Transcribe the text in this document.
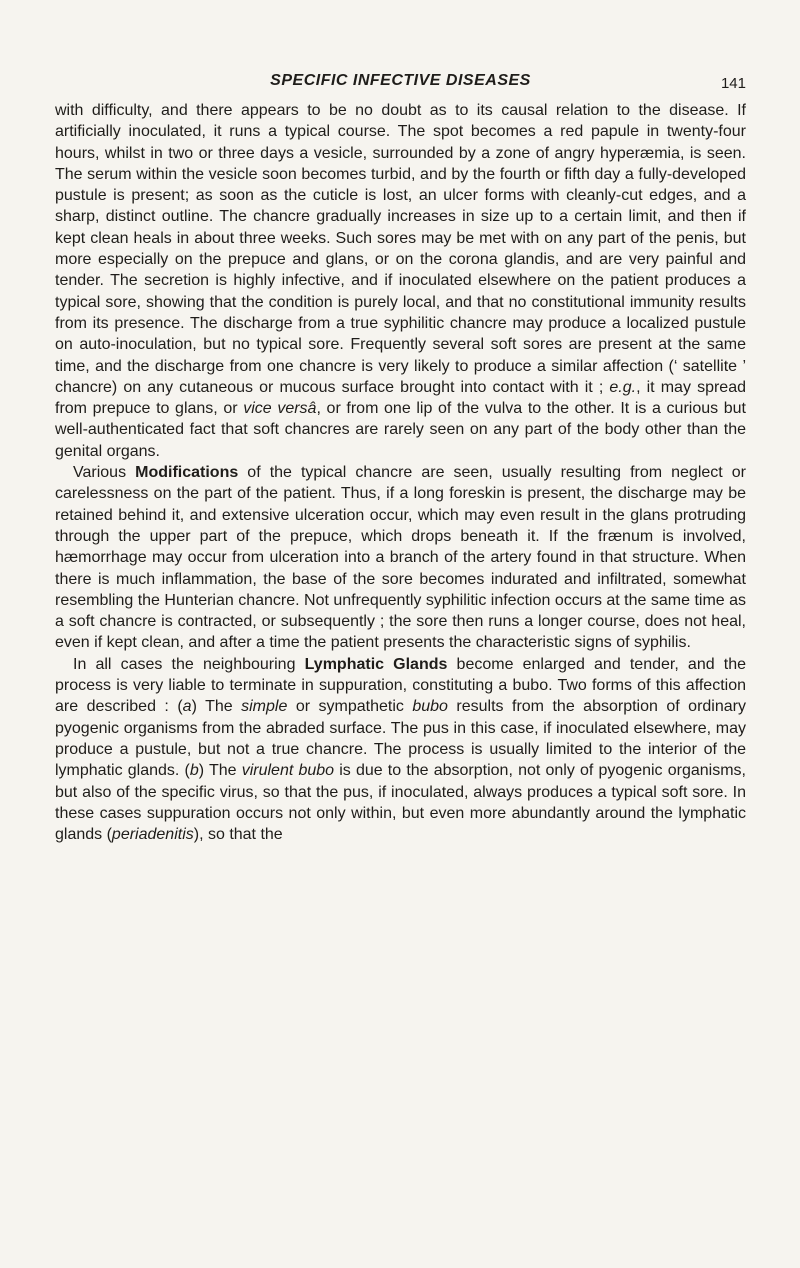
SPECIFIC INFECTIVE DISEASES	141

with difficulty, and there appears to be no doubt as to its causal relation to the disease. If artificially inoculated, it runs a typical course. The spot becomes a red papule in twenty-four hours, whilst in two or three days a vesicle, surrounded by a zone of angry hyperæmia, is seen. The serum within the vesicle soon becomes turbid, and by the fourth or fifth day a fully-developed pustule is present; as soon as the cuticle is lost, an ulcer forms with cleanly-cut edges, and a sharp, distinct outline. The chancre gradually increases in size up to a certain limit, and then if kept clean heals in about three weeks. Such sores may be met with on any part of the penis, but more especially on the prepuce and glans, or on the corona glandis, and are very painful and tender. The secretion is highly infective, and if inoculated elsewhere on the patient produces a typical sore, showing that the condition is purely local, and that no constitutional immunity results from its presence. The discharge from a true syphilitic chancre may produce a localized pustule on auto-inoculation, but no typical sore. Frequently several soft sores are present at the same time, and the discharge from one chancre is very likely to produce a similar affection (‘ satellite ’ chancre) on any cutaneous or mucous surface brought into contact with it ; e.g., it may spread from prepuce to glans, or vice versâ, or from one lip of the vulva to the other. It is a curious but well-authenticated fact that soft chancres are rarely seen on any part of the body other than the genital organs.

Various Modifications of the typical chancre are seen, usually resulting from neglect or carelessness on the part of the patient. Thus, if a long foreskin is present, the discharge may be retained behind it, and extensive ulceration occur, which may even result in the glans protruding through the upper part of the prepuce, which drops beneath it. If the frænum is involved, hæmorrhage may occur from ulceration into a branch of the artery found in that structure. When there is much inflammation, the base of the sore becomes indurated and infiltrated, somewhat resembling the Hunterian chancre. Not unfrequently syphilitic infection occurs at the same time as a soft chancre is contracted, or subsequently ; the sore then runs a longer course, does not heal, even if kept clean, and after a time the patient presents the characteristic signs of syphilis.

In all cases the neighbouring Lymphatic Glands become enlarged and tender, and the process is very liable to terminate in suppuration, constituting a bubo. Two forms of this affection are described : (a) The simple or sympathetic bubo results from the absorption of ordinary pyogenic organisms from the abraded surface. The pus in this case, if inoculated elsewhere, may produce a pustule, but not a true chancre. The process is usually limited to the interior of the lymphatic glands. (b) The virulent bubo is due to the absorption, not only of pyogenic organisms, but also of the specific virus, so that the pus, if inoculated, always produces a typical soft sore. In these cases suppuration occurs not only within, but even more abundantly around the lymphatic glands (periadenitis), so that the
